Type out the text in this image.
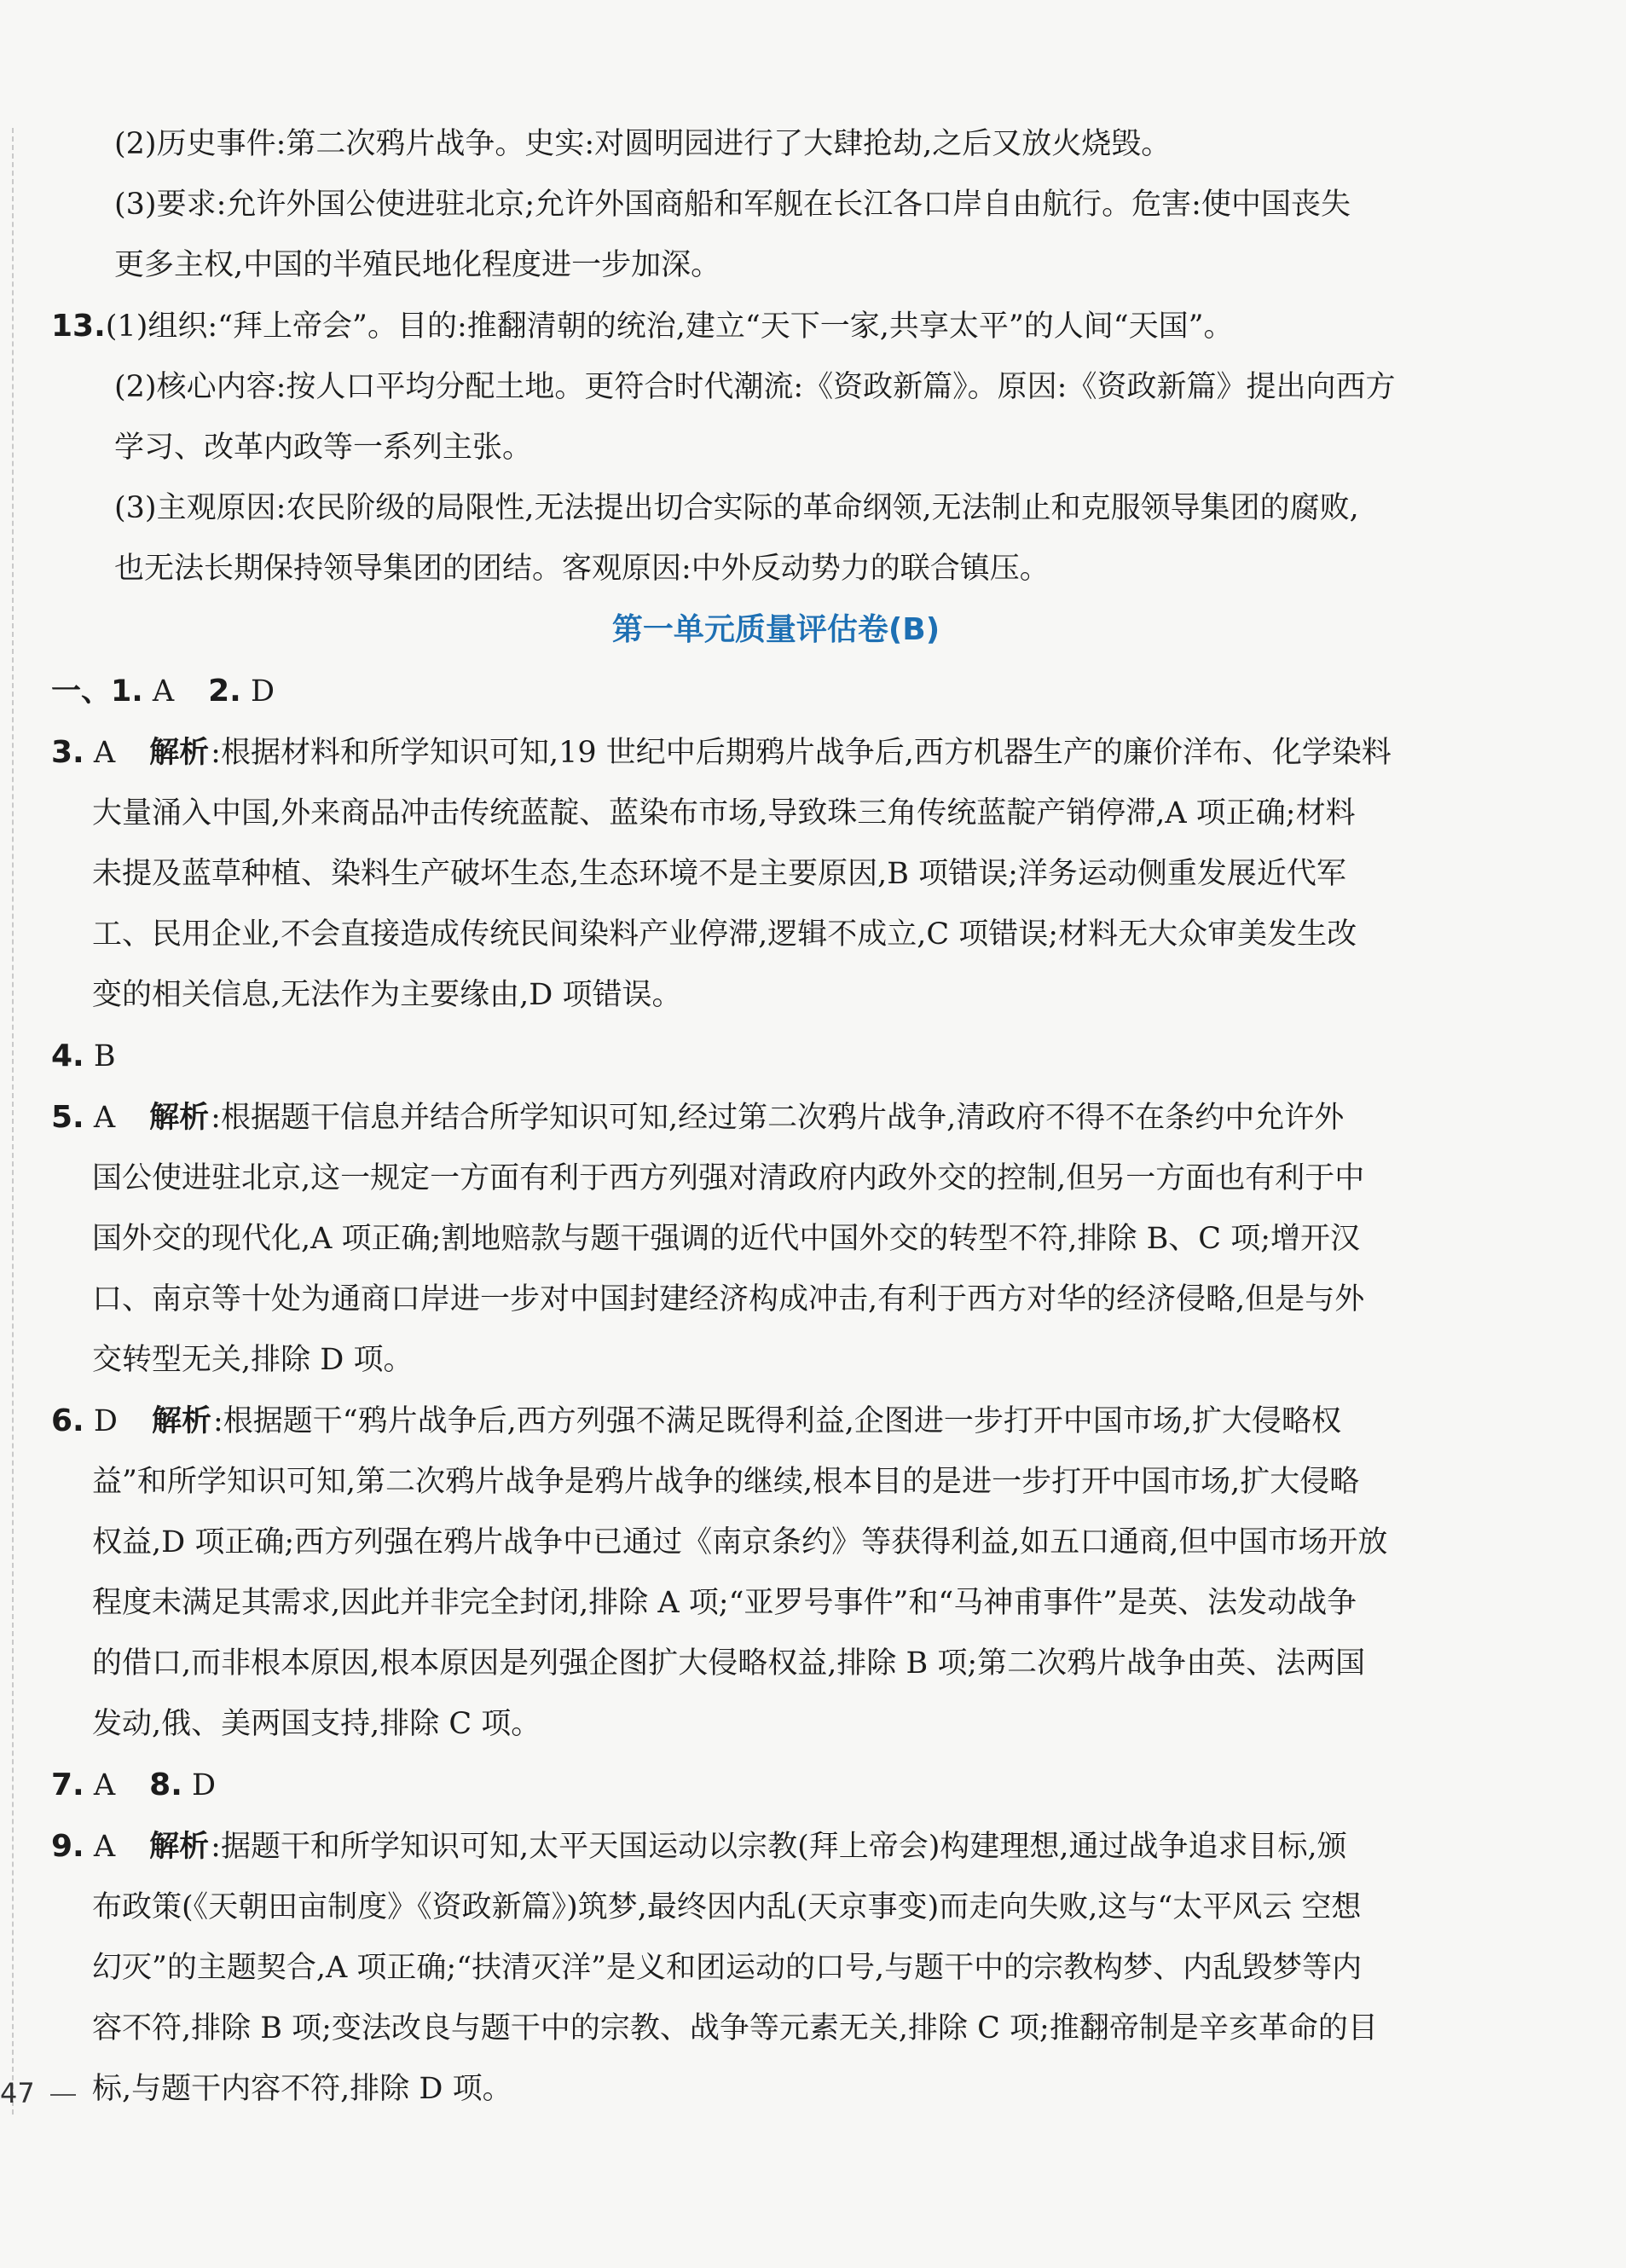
(2)历史事件:第二次鸦片战争。史实:对圆明园进行了大肆抢劫,之后又放火烧毁。

(3)要求:允许外国公使进驻北京;允许外国商船和军舰在长江各口岸自由航行。危害:使中国丧失

更多主权,中国的半殖民地化程度进一步加深。

13.(1)组织:“拜上帝会”。目的:推翻清朝的统治,建立“天下一家,共享太平”的人间“天国”。

(2)核心内容:按人口平均分配土地。更符合时代潮流:《资政新篇》。原因:《资政新篇》提出向西方

学习、改革内政等一系列主张。

(3)主观原因:农民阶级的局限性,无法提出切合实际的革命纲领,无法制止和克服领导集团的腐败,

也无法长期保持领导集团的团结。客观原因:中外反动势力的联合镇压。

第一单元质量评估卷(B)

一、1. A 2. D

3. A 解析:根据材料和所学知识可知,19 世纪中后期鸦片战争后,西方机器生产的廉价洋布、化学染料

大量涌入中国,外来商品冲击传统蓝靛、蓝染布市场,导致珠三角传统蓝靛产销停滞,A 项正确;材料

未提及蓝草种植、染料生产破坏生态,生态环境不是主要原因,B 项错误;洋务运动侧重发展近代军

工、民用企业,不会直接造成传统民间染料产业停滞,逻辑不成立,C 项错误;材料无大众审美发生改

变的相关信息,无法作为主要缘由,D 项错误。

4. B

5. A 解析:根据题干信息并结合所学知识可知,经过第二次鸦片战争,清政府不得不在条约中允许外

国公使进驻北京,这一规定一方面有利于西方列强对清政府内政外交的控制,但另一方面也有利于中

国外交的现代化,A 项正确;割地赔款与题干强调的近代中国外交的转型不符,排除 B、C 项;增开汉

口、南京等十处为通商口岸进一步对中国封建经济构成冲击,有利于西方对华的经济侵略,但是与外

交转型无关,排除 D 项。

6. D 解析:根据题干“鸦片战争后,西方列强不满足既得利益,企图进一步打开中国市场,扩大侵略权

益”和所学知识可知,第二次鸦片战争是鸦片战争的继续,根本目的是进一步打开中国市场,扩大侵略

权益,D 项正确;西方列强在鸦片战争中已通过《南京条约》等获得利益,如五口通商,但中国市场开放

程度未满足其需求,因此并非完全封闭,排除 A 项;“亚罗号事件”和“马神甫事件”是英、法发动战争

的借口,而非根本原因,根本原因是列强企图扩大侵略权益,排除 B 项;第二次鸦片战争由英、法两国

发动,俄、美两国支持,排除 C 项。

7. A 8. D

9. A 解析:据题干和所学知识可知,太平天国运动以宗教(拜上帝会)构建理想,通过战争追求目标,颁

布政策(《天朝田亩制度》《资政新篇》)筑梦,最终因内乱(天京事变)而走向失败,这与“太平风云 空想

幻灭”的主题契合,A 项正确;“扶清灭洋”是义和团运动的口号,与题干中的宗教构梦、内乱毁梦等内

容不符,排除 B 项;变法改良与题干中的宗教、战争等元素无关,排除 C 项;推翻帝制是辛亥革命的目

标,与题干内容不符,排除 D 项。

47
